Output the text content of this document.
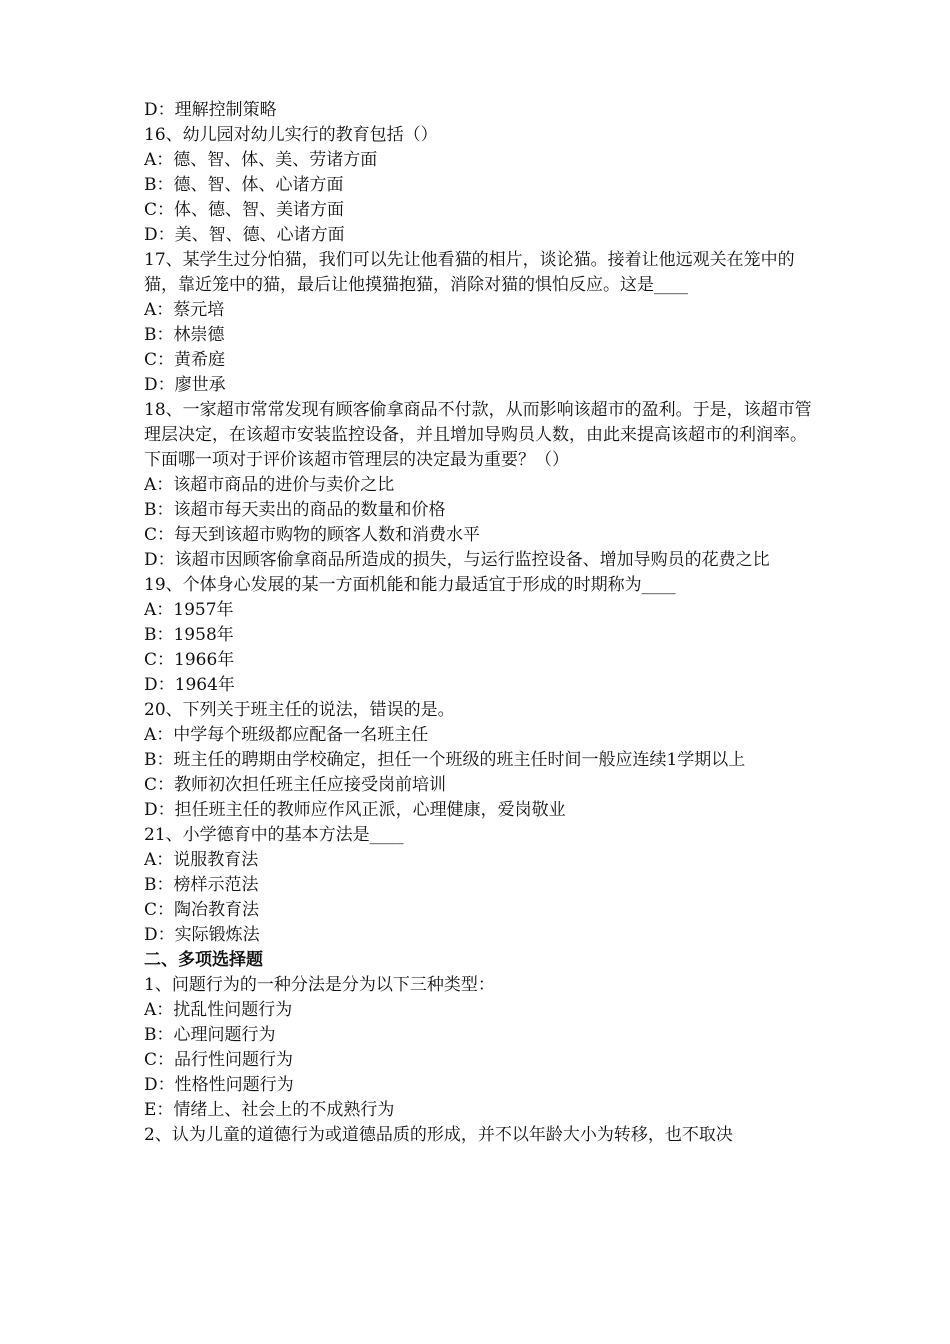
D：理解控制策略
16、幼儿园对幼儿实行的教育包括（）
A：德、智、体、美、劳诸方面
B：德、智、体、心诸方面
C：体、德、智、美诸方面
D：美、智、德、心诸方面
17、某学生过分怕猫，我们可以先让他看猫的相片，谈论猫。接着让他远观关在笼中的猫，靠近笼中的猫，最后让他摸猫抱猫，消除对猫的惧怕反应。这是____
A：蔡元培
B：林崇德
C：黄希庭
D：廖世承
18、一家超市常常发现有顾客偷拿商品不付款，从而影响该超市的盈利。于是，该超市管理层决定，在该超市安装监控设备，并且增加导购员人数，由此来提高该超市的利润率。下面哪一项对于评价该超市管理层的决定最为重要？（）
A：该超市商品的进价与卖价之比
B：该超市每天卖出的商品的数量和价格
C：每天到该超市购物的顾客人数和消费水平
D：该超市因顾客偷拿商品所造成的损失，与运行监控设备、增加导购员的花费之比
19、个体身心发展的某一方面机能和能力最适宜于形成的时期称为____
A：1957年
B：1958年
C：1966年
D：1964年
20、下列关于班主任的说法，错误的是。
A：中学每个班级都应配备一名班主任
B：班主任的聘期由学校确定，担任一个班级的班主任时间一般应连续1学期以上
C：教师初次担任班主任应接受岗前培训
D：担任班主任的教师应作风正派，心理健康，爱岗敬业
21、小学德育中的基本方法是____
A：说服教育法
B：榜样示范法
C：陶冶教育法
D：实际锻炼法
二、多项选择题
1、问题行为的一种分法是分为以下三种类型：
A：扰乱性问题行为
B：心理问题行为
C：品行性问题行为
D：性格性问题行为
E：情绪上、社会上的不成熟行为
2、认为儿童的道德行为或道德品质的形成，并不以年龄大小为转移，也不取决
